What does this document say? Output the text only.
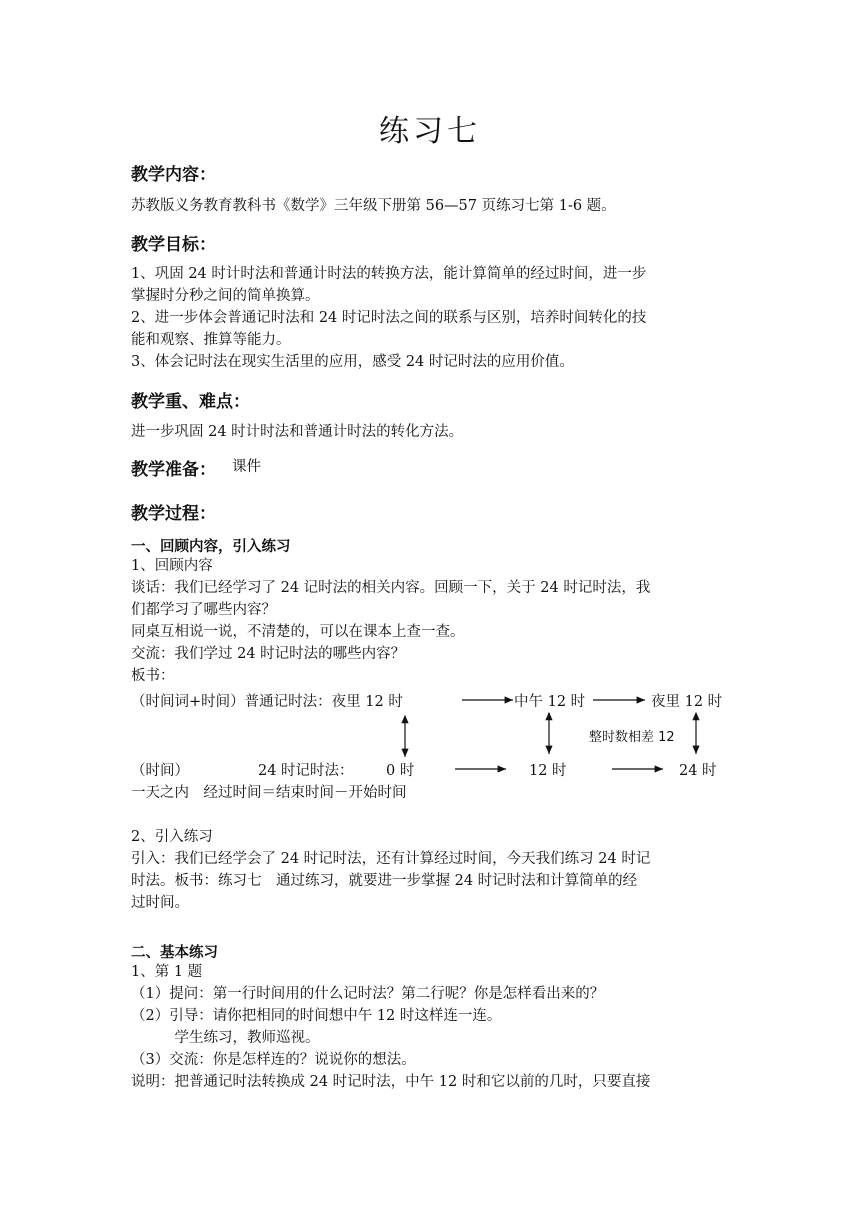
练习七
教学内容：
苏教版义务教育教科书《数学》三年级下册第 56—57 页练习七第 1-6 题。
教学目标：
1、巩固 24 时计时法和普通计时法的转换方法，能计算简单的经过时间，进一步
掌握时分秒之间的简单换算。
2、进一步体会普通记时法和 24 时记时法之间的联系与区别，培养时间转化的技
能和观察、推算等能力。
3、体会记时法在现实生活里的应用，感受 24 时记时法的应用价值。
教学重、难点：
进一步巩固 24 时计时法和普通计时法的转化方法。
教学准备： 课件
教学过程：
一、回顾内容，引入练习
1、回顾内容
谈话：我们已经学习了 24 记时法的相关内容。回顾一下，关于 24 时记时法，我
们都学习了哪些内容？
同桌互相说一说，不清楚的，可以在课本上查一查。
交流：我们学过 24 时记时法的哪些内容？
板书：
（时间词+时间）普通记时法：夜里 12 时	中午 12 时	夜里 12 时
整时数相差 12
（时间）	24 时记时法： 0 时	12 时	24 时
一天之内　经过时间＝结束时间－开始时间
2、引入练习
引入：我们已经学会了 24 时记时法，还有计算经过时间，今天我们练习 24 时记
时法。板书：练习七　通过练习，就要进一步掌握 24 时记时法和计算简单的经
过时间。
二、基本练习
1、第 1 题
（1）提问：第一行时间用的什么记时法？第二行呢？你是怎样看出来的？
（2）引导：请你把相同的时间想中午 12 时这样连一连。
　　　学生练习，教师巡视。
（3）交流：你是怎样连的？说说你的想法。
说明：把普通记时法转换成 24 时记时法，中午 12 时和它以前的几时，只要直接
